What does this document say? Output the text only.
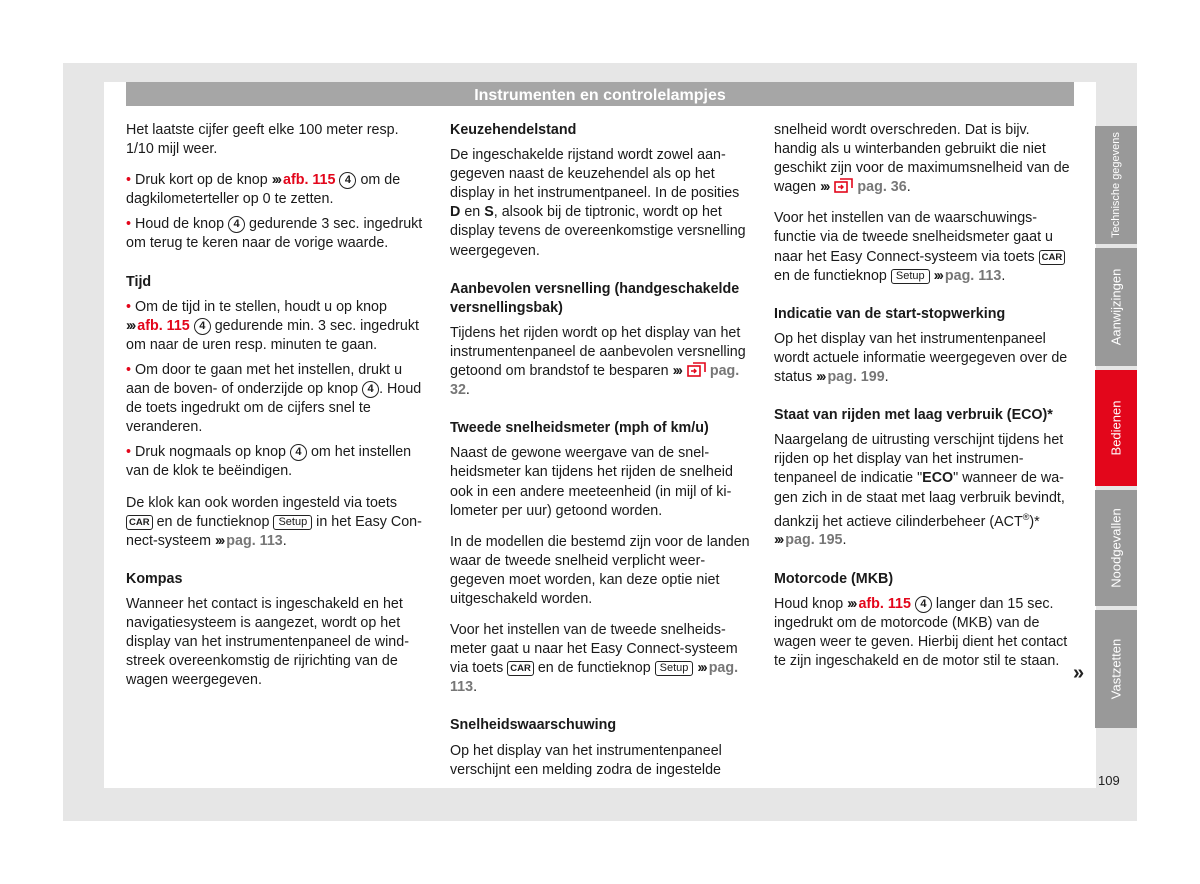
Instrumenten en controlelampjes

Het laatste cijfer geeft elke 100 meter resp. 1/10 mijl weer.

• Druk kort op de knop ››› afb. 115 4 om de dagkilometerteller op 0 te zetten.

• Houd de knop 4 gedurende 3 sec. ingedrukt om terug te keren naar de vorige waarde.

Tijd

• Om de tijd in te stellen, houdt u op knop ››› afb. 115 4 gedurende min. 3 sec. ingedrukt om naar de uren resp. minuten te gaan.

• Om door te gaan met het instellen, drukt u aan de boven- of onderzijde op knop 4 . Houd de toets ingedrukt om de cijfers snel te veranderen.

• Druk nogmaals op knop 4 om het instellen van de klok te beëindigen.

De klok kan ook worden ingesteld via toets CAR en de functieknop Setup in het Easy Connect-systeem ››› pag. 113.

Kompas

Wanneer het contact is ingeschakeld en het navigatiesysteem is aangezet, wordt op het display van het instrumentenpaneel de windstreek overeenkomstig de rijrichting van de wagen weergegeven.

Keuzehendelstand

De ingeschakelde rijstand wordt zowel aangegeven naast de keuzehendel als op het display in het instrumentpaneel. In de posities D en S, alsook bij de tiptronic, wordt op het display tevens de overeenkomstige versnelling weergegeven.

Aanbevolen versnelling (handgeschakelde versnellingsbak)

Tijdens het rijden wordt op het display van het instrumentenpaneel de aanbevolen versnelling getoond om brandstof te besparen ››› pag. 32.

Tweede snelheidsmeter (mph of km/u)

Naast de gewone weergave van de snelheidsmeter kan tijdens het rijden de snelheid ook in een andere meeteenheid (in mijl of kilometer per uur) getoond worden.

In de modellen die bestemd zijn voor de landen waar de tweede snelheid verplicht weergegeven moet worden, kan deze optie niet uitgeschakeld worden.

Voor het instellen van de tweede snelheidsmeter gaat u naar het Easy Connect-systeem via toets CAR en de functieknop Setup ››› pag. 113.

Snelheidswaarschuwing

Op het display van het instrumentenpaneel verschijnt een melding zodra de ingestelde

snelheid wordt overschreden. Dat is bijv. handig als u winterbanden gebruikt die niet geschikt zijn voor de maximumsnelheid van de wagen ››› pag. 36.

Voor het instellen van de waarschuwingsfunctie via de tweede snelheidsmeter gaat u naar het Easy Connect-systeem via toets CAR en de functieknop Setup ››› pag. 113.

Indicatie van de start-stopwerking

Op het display van het instrumentenpaneel wordt actuele informatie weergegeven over de status ››› pag. 199.

Staat van rijden met laag verbruik (ECO)*

Naargelang de uitrusting verschijnt tijdens het rijden op het display van het instrumentenpaneel de indicatie "ECO" wanneer de wagen zich in de staat met laag verbruik bevindt, dankzij het actieve cilinderbeheer (ACT®)* ››› pag. 195.

Motorcode (MKB)

Houd knop ››› afb. 115 4 langer dan 15 sec. ingedrukt om de motorcode (MKB) van de wagen weer te geven. Hierbij dient het contact te zijn ingeschakeld en de motor stil te staan.

»
Technische gegevens
Aanwijzingen
Bedienen
Noodgevallen
Vastzetten
109
